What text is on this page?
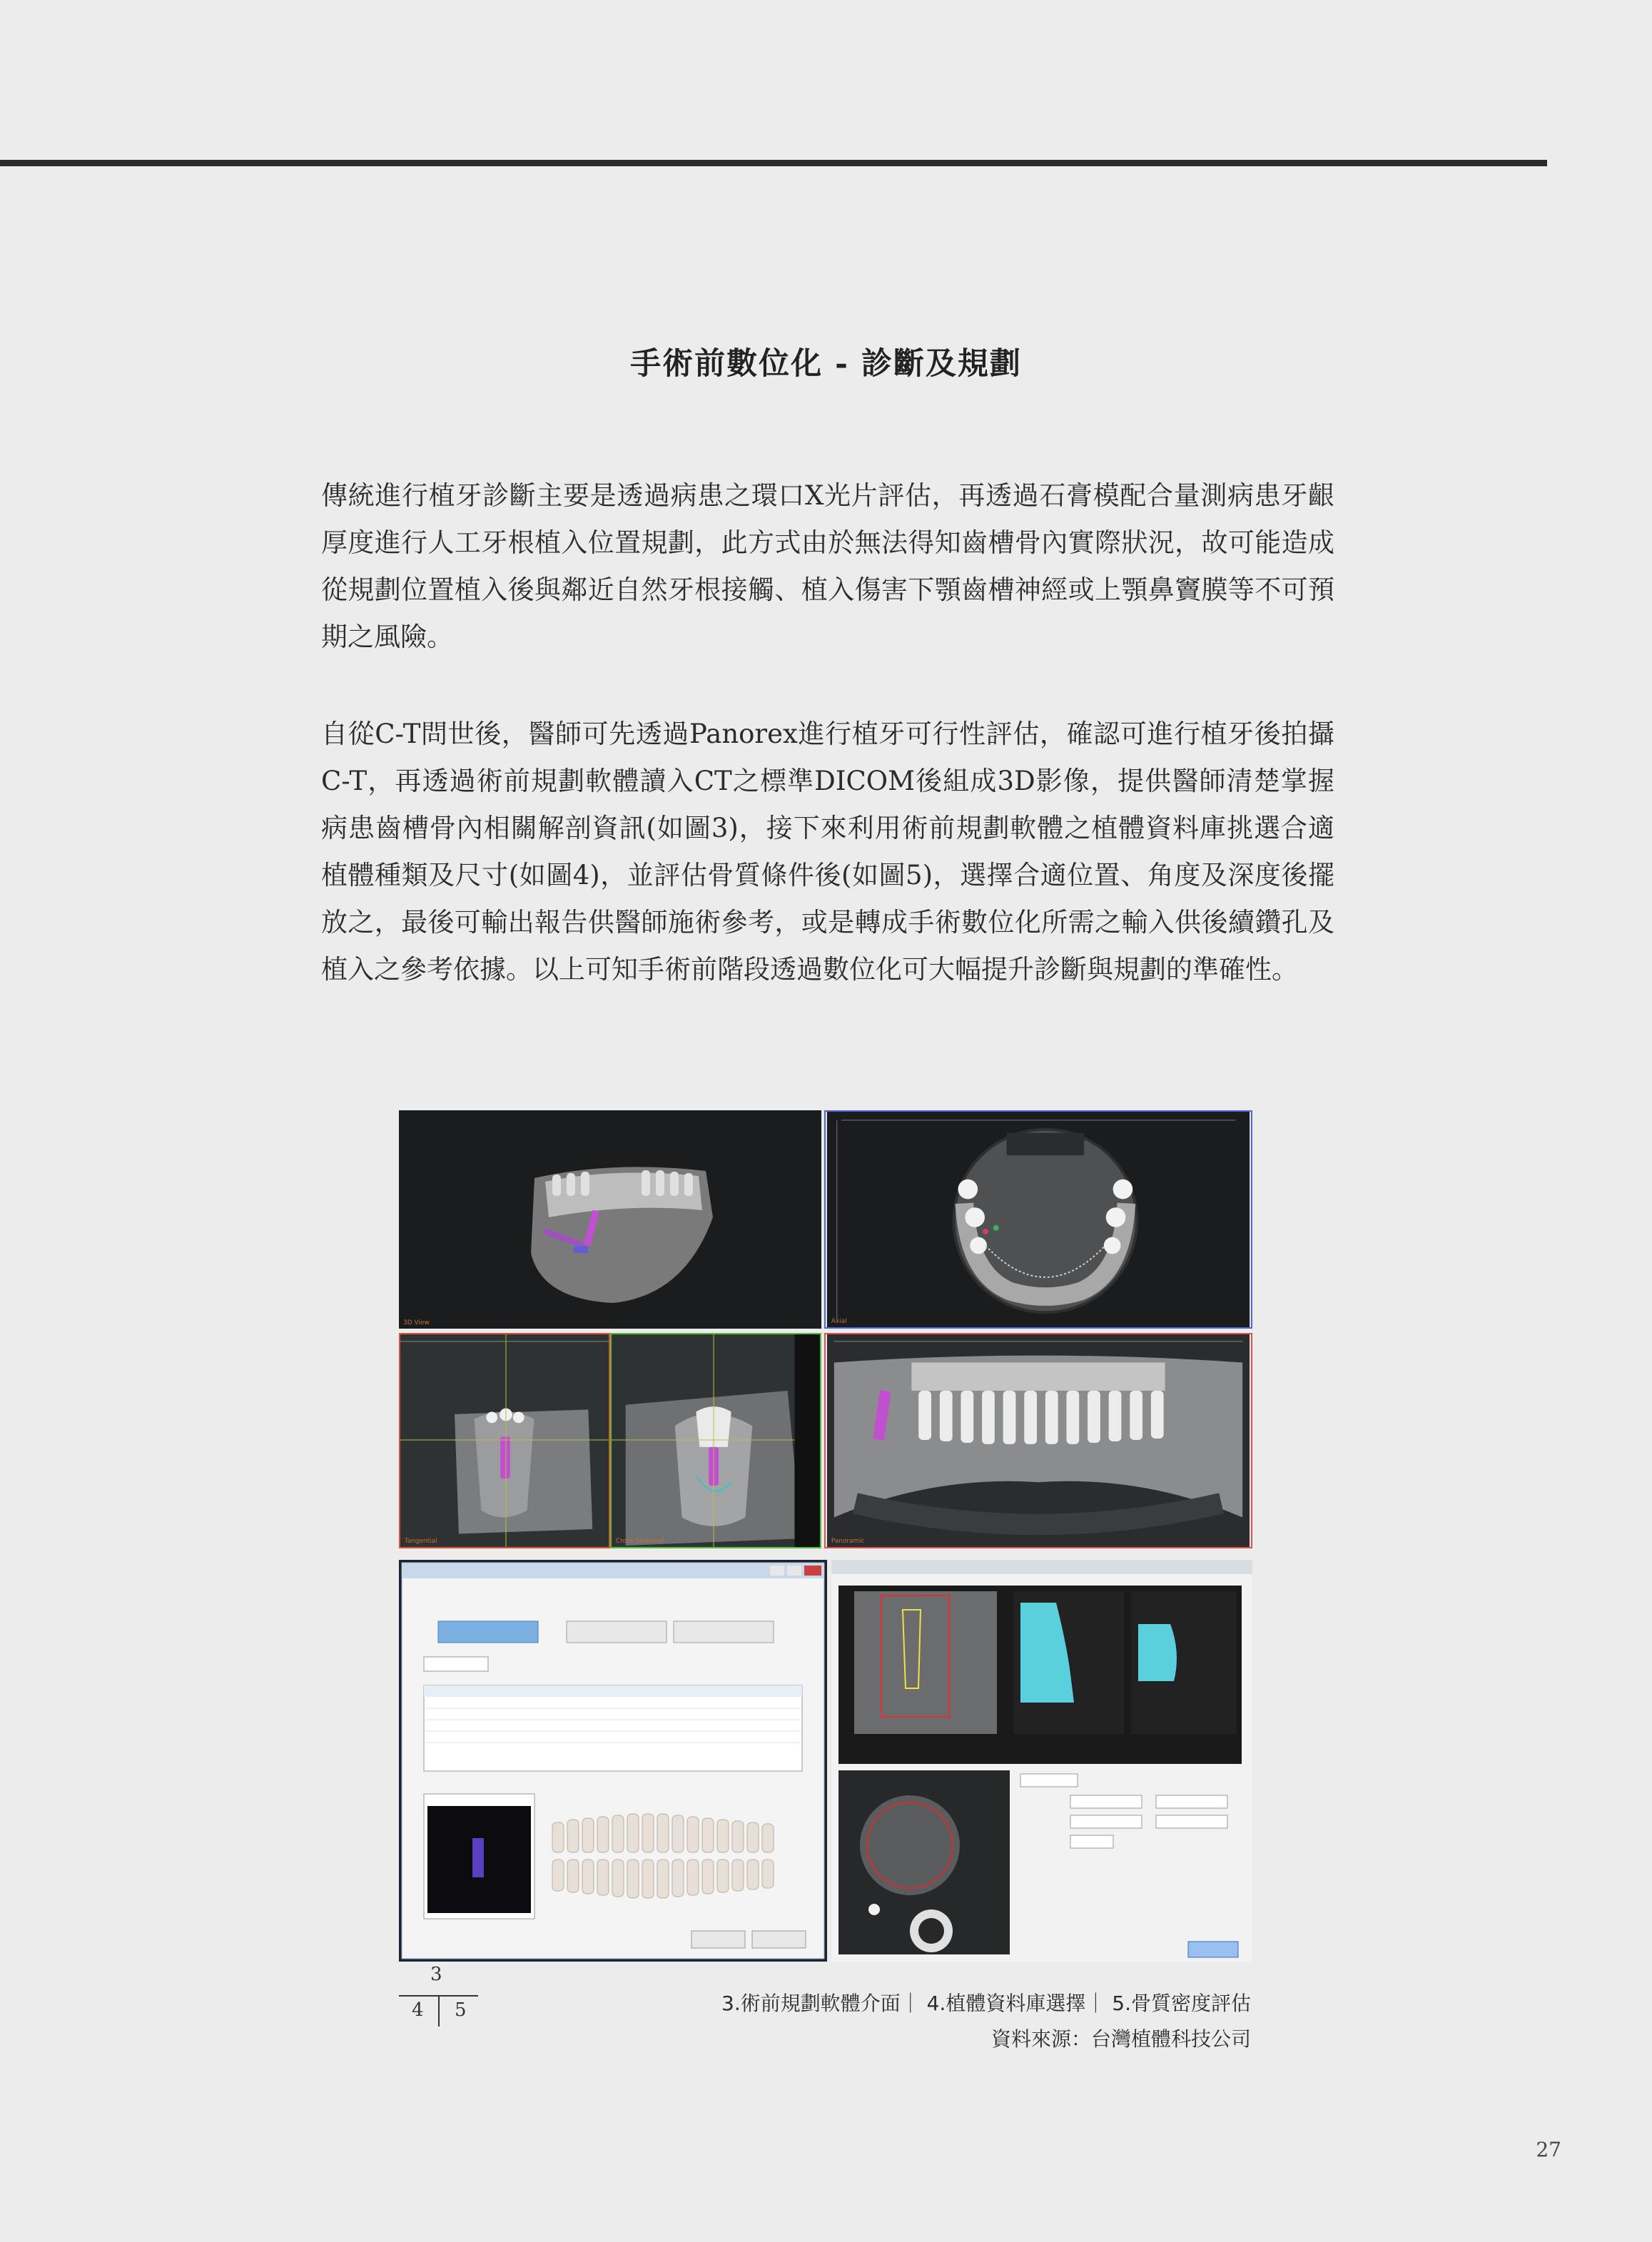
手術前數位化 - 診斷及規劃

傳統進行植牙診斷主要是透過病患之環口X光片評估，再透過石膏模配合量測病患牙齦厚度進行人工牙根植入位置規劃，此方式由於無法得知齒槽骨內實際狀況，故可能造成從規劃位置植入後與鄰近自然牙根接觸、植入傷害下顎齒槽神經或上顎鼻竇膜等不可預期之風險。

自從C-T問世後，醫師可先透過Panorex進行植牙可行性評估，確認可進行植牙後拍攝C-T，再透過術前規劃軟體讀入CT之標準DICOM後組成3D影像，提供醫師清楚掌握病患齒槽骨內相關解剖資訊(如圖3)，接下來利用術前規劃軟體之植體資料庫挑選合適植體種類及尺寸(如圖4)，並評估骨質條件後(如圖5)，選擇合適位置、角度及深度後擺放之，最後可輸出報告供醫師施術參考，或是轉成手術數位化所需之輸入供後續鑽孔及植入之參考依據。以上可知手術前階段透過數位化可大幅提升診斷與規劃的準確性。

3D View	Axial
Tangential	Cross Sectional	Panoramic
3
4 5	3.術前規劃軟體介面｜ 4.植體資料庫選擇｜ 5.骨質密度評估
資料來源：台灣植體科技公司
27
